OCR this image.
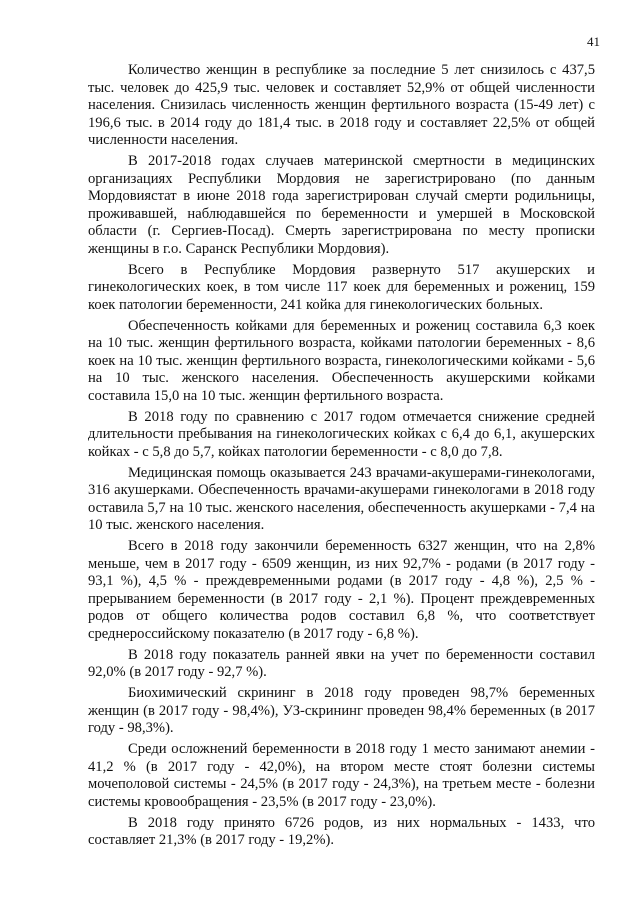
41

Количество женщин в республике за последние 5 лет снизилось с 437,5 тыс. человек до 425,9 тыс. человек и составляет 52,9% от общей численности населения. Снизилась численность женщин фертильного возраста (15-49 лет) с 196,6 тыс. в 2014 году до 181,4 тыс. в 2018 году и составляет 22,5% от общей численности населения.

В 2017-2018 годах случаев материнской смертности в медицинских организациях Республики Мордовия не зарегистрировано (по данным Мордовиястат в июне 2018 года зарегистрирован случай смерти родильницы, проживавшей, наблюдавшейся по беременности и умершей в Московской области (г. Сергиев-Посад). Смерть зарегистрирована по месту прописки женщины в г.о. Саранск Республики Мордовия).

Всего в Республике Мордовия развернуто 517 акушерских и гинекологических коек, в том числе 117 коек для беременных и рожениц, 159 коек патологии беременности, 241 койка для гинекологических больных.

Обеспеченность койками для беременных и рожениц составила 6,3 коек на 10 тыс. женщин фертильного возраста, койками патологии беременных - 8,6 коек на 10 тыс. женщин фертильного возраста, гинекологическими койками - 5,6 на 10 тыс. женского населения. Обеспеченность акушерскими койками составила 15,0 на 10 тыс. женщин фертильного возраста.

В 2018 году по сравнению с 2017 годом отмечается снижение средней длительности пребывания на гинекологических койках с 6,4 до 6,1, акушерских койках - с 5,8 до 5,7, койках патологии беременности - с 8,0 до 7,8.

Медицинская помощь оказывается 243 врачами-акушерами-гинекологами, 316 акушерками. Обеспеченность врачами-акушерами гинекологами в 2018 году оставила 5,7 на 10 тыс. женского населения, обеспеченность акушерками - 7,4 на 10 тыс. женского населения.

Всего в 2018 году закончили беременность 6327 женщин, что на 2,8% меньше, чем в 2017 году - 6509 женщин, из них 92,7% - родами (в 2017 году - 93,1 %), 4,5 % - преждевременными родами (в 2017 году - 4,8 %), 2,5 % - прерыванием беременности (в 2017 году - 2,1 %). Процент преждевременных родов от общего количества родов составил 6,8 %, что соответствует среднероссийскому показателю (в 2017 году - 6,8 %).

В 2018 году показатель ранней явки на учет по беременности составил 92,0% (в 2017 году - 92,7 %).

Биохимический скрининг в 2018 году проведен 98,7% беременных женщин (в 2017 году - 98,4%), УЗ-скрининг проведен 98,4% беременных (в 2017 году - 98,3%).

Среди осложнений беременности в 2018 году 1 место занимают анемии - 41,2 % (в 2017 году - 42,0%), на втором месте стоят болезни системы мочеполовой системы - 24,5% (в 2017 году - 24,3%), на третьем месте - болезни системы кровообращения - 23,5% (в 2017 году - 23,0%).

В 2018 году принято 6726 родов, из них нормальных - 1433, что составляет 21,3% (в 2017 году - 19,2%).
